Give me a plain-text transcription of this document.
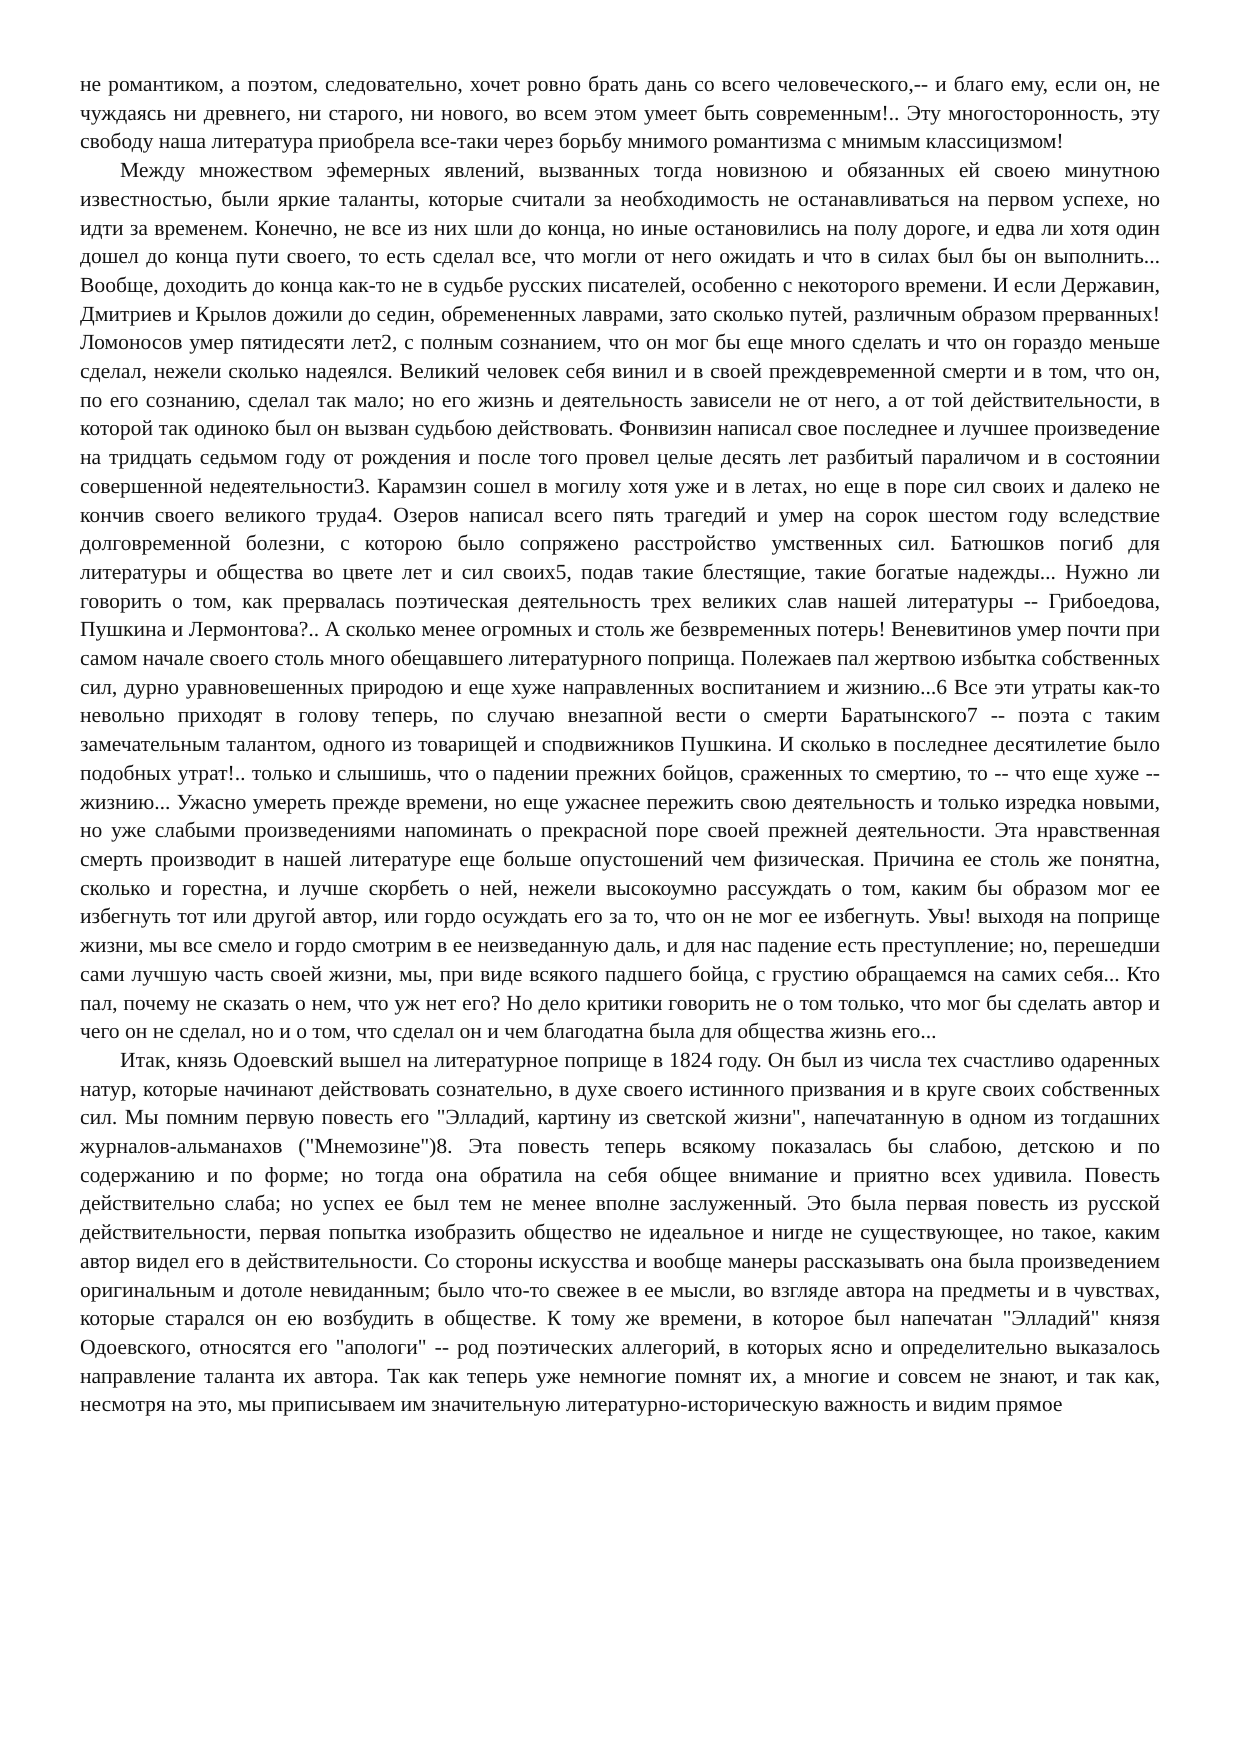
не романтиком, а поэтом, следовательно, хочет ровно брать дань со всего человеческого,-- и благо ему, если он, не чуждаясь ни древнего, ни старого, ни нового, во всем этом умеет быть современным!.. Эту многосторонность, эту свободу наша литература приобрела все-таки через борьбу мнимого романтизма с мнимым классицизмом!

Между множеством эфемерных явлений, вызванных тогда новизною и обязанных ей своею минутною известностью, были яркие таланты, которые считали за необходимость не останавливаться на первом успехе, но идти за временем. Конечно, не все из них шли до конца, но иные остановились на полу дороге, и едва ли хотя один дошел до конца пути своего, то есть сделал все, что могли от него ожидать и что в силах был бы он выполнить... Вообще, доходить до конца как-то не в судьбе русских писателей, особенно с некоторого времени. И если Державин, Дмитриев и Крылов дожили до седин, обремененных лаврами, зато сколько путей, различным образом прерванных! Ломоносов умер пятидесяти лет2, с полным сознанием, что он мог бы еще много сделать и что он гораздо меньше сделал, нежели сколько надеялся. Великий человек себя винил и в своей преждевременной смерти и в том, что он, по его сознанию, сделал так мало; но его жизнь и деятельность зависели не от него, а от той действительности, в которой так одиноко был он вызван судьбою действовать. Фонвизин написал свое последнее и лучшее произведение на тридцать седьмом году от рождения и после того провел целые десять лет разбитый параличом и в состоянии совершенной недеятельности3. Карамзин сошел в могилу хотя уже и в летах, но еще в поре сил своих и далеко не кончив своего великого труда4. Озеров написал всего пять трагедий и умер на сорок шестом году вследствие долговременной болезни, с которою было сопряжено расстройство умственных сил. Батюшков погиб для литературы и общества во цвете лет и сил своих5, подав такие блестящие, такие богатые надежды... Нужно ли говорить о том, как прервалась поэтическая деятельность трех великих слав нашей литературы -- Грибоедова, Пушкина и Лермонтова?.. А сколько менее огромных и столь же безвременных потерь! Веневитинов умер почти при самом начале своего столь много обещавшего литературного поприща. Полежаев пал жертвою избытка собственных сил, дурно уравновешенных природою и еще хуже направленных воспитанием и жизнию...6 Все эти утраты как-то невольно приходят в голову теперь, по случаю внезапной вести о смерти Баратынского7 -- поэта с таким замечательным талантом, одного из товарищей и сподвижников Пушкина. И сколько в последнее десятилетие было подобных утрат!.. только и слышишь, что о падении прежних бойцов, сраженных то смертию, то -- что еще хуже -- жизнию... Ужасно умереть прежде времени, но еще ужаснее пережить свою деятельность и только изредка новыми, но уже слабыми произведениями напоминать о прекрасной поре своей прежней деятельности. Эта нравственная смерть производит в нашей литературе еще больше опустошений чем физическая. Причина ее столь же понятна, сколько и горестна, и лучше скорбеть о ней, нежели высокоумно рассуждать о том, каким бы образом мог ее избегнуть тот или другой автор, или гордо осуждать его за то, что он не мог ее избегнуть. Увы! выходя на поприще жизни, мы все смело и гордо смотрим в ее неизведанную даль, и для нас падение есть преступление; но, перешедши сами лучшую часть своей жизни, мы, при виде всякого падшего бойца, с грустию обращаемся на самих себя... Кто пал, почему не сказать о нем, что уж нет его? Но дело критики говорить не о том только, что мог бы сделать автор и чего он не сделал, но и о том, что сделал он и чем благодатна была для общества жизнь его...

Итак, князь Одоевский вышел на литературное поприще в 1824 году. Он был из числа тех счастливо одаренных натур, которые начинают действовать сознательно, в духе своего истинного призвания и в круге своих собственных сил. Мы помним первую повесть его "Элладий, картину из светской жизни", напечатанную в одном из тогдашних журналов-альманахов ("Мнемозине")8. Эта повесть теперь всякому показалась бы слабою, детскою и по содержанию и по форме; но тогда она обратила на себя общее внимание и приятно всех удивила. Повесть действительно слаба; но успех ее был тем не менее вполне заслуженный. Это была первая повесть из русской действительности, первая попытка изобразить общество не идеальное и нигде не существующее, но такое, каким автор видел его в действительности. Со стороны искусства и вообще манеры рассказывать она была произведением оригинальным и дотоле невиданным; было что-то свежее в ее мысли, во взгляде автора на предметы и в чувствах, которые старался он ею возбудить в обществе. К тому же времени, в которое был напечатан "Элладий" князя Одоевского, относятся его "апологи" -- род поэтических аллегорий, в которых ясно и определительно выказалось направление таланта их автора. Так как теперь уже немногие помнят их, а многие и совсем не знают, и так как, несмотря на это, мы приписываем им значительную литературно-историческую важность и видим прямое
